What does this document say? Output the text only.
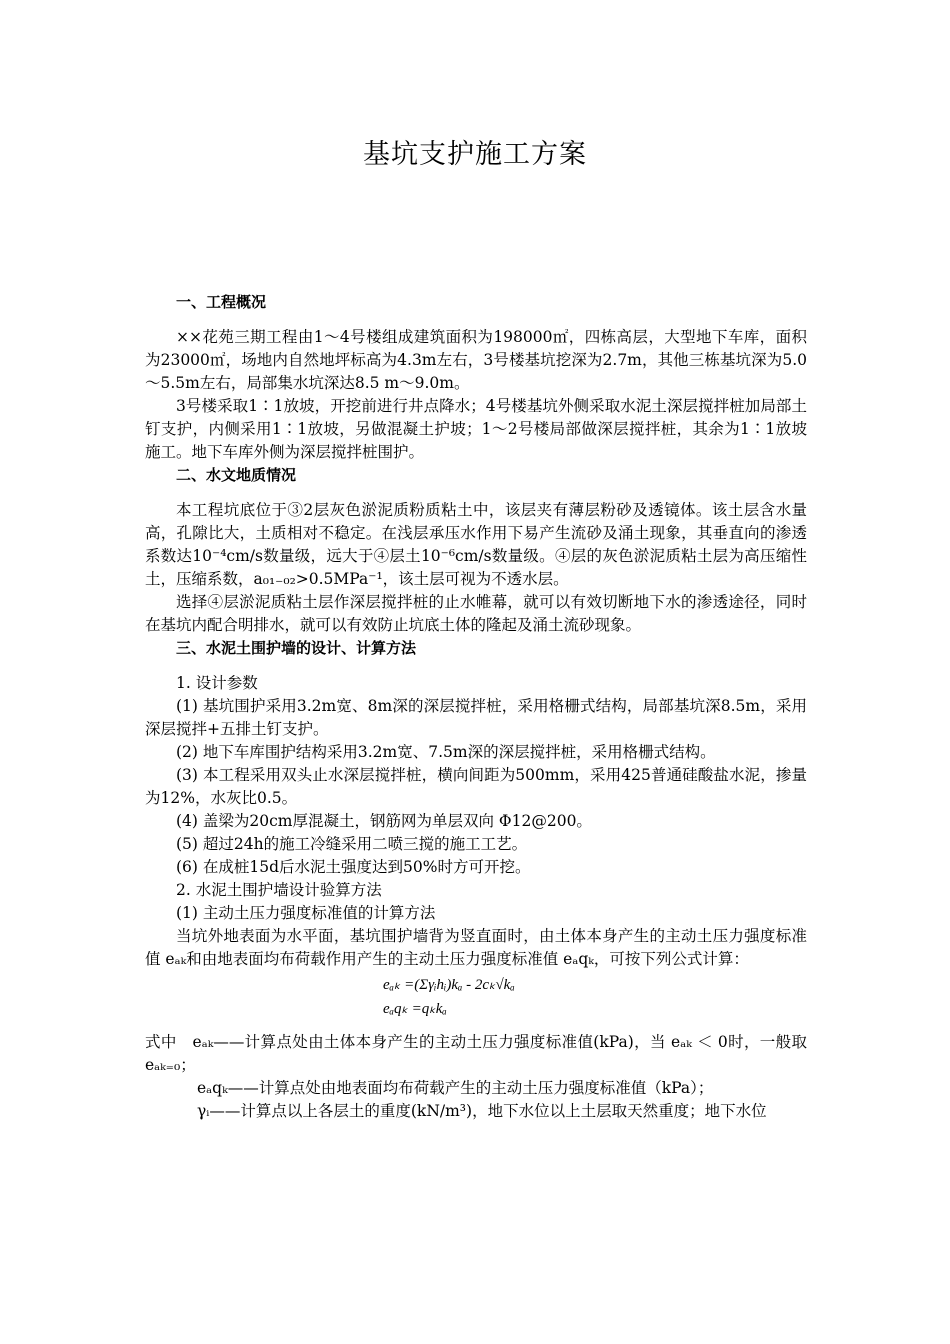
基坑支护施工方案
一、工程概况

××花苑三期工程由1～4号楼组成建筑面积为198000㎡，四栋高层，大型地下车库，面积为23000㎡，场地内自然地坪标高为4.3m左右，3号楼基坑挖深为2.7m，其他三栋基坑深为5.0～5.5m左右，局部集水坑深达8.5 m～9.0m。

3号楼采取1∶1放坡，开挖前进行井点降水；4号楼基坑外侧采取水泥土深层搅拌桩加局部土钉支护，内侧采用1∶1放坡，另做混凝土护坡；1～2号楼局部做深层搅拌桩，其余为1∶1放坡施工。地下车库外侧为深层搅拌桩围护。

二、水文地质情况

本工程坑底位于③2层灰色淤泥质粉质粘土中，该层夹有薄层粉砂及透镜体。该土层含水量高，孔隙比大，土质相对不稳定。在浅层承压水作用下易产生流砂及涌土现象，其垂直向的渗透系数达10⁻⁴cm/s数量级，远大于④层土10⁻⁶cm/s数量级。④层的灰色淤泥质粘土层为高压缩性土，压缩系数，a₀₁₋₀₂>0.5MPa⁻¹，该土层可视为不透水层。

选择④层淤泥质粘土层作深层搅拌桩的止水帷幕，就可以有效切断地下水的渗透途径，同时在基坑内配合明排水，就可以有效防止坑底土体的隆起及涌土流砂现象。

三、水泥土围护墙的设计、计算方法

1. 设计参数

(1) 基坑围护采用3.2m宽、8m深的深层搅拌桩，采用格栅式结构，局部基坑深8.5m，采用深层搅拌+五排土钉支护。

(2) 地下车库围护结构采用3.2m宽、7.5m深的深层搅拌桩，采用格栅式结构。

(3) 本工程采用双头止水深层搅拌桩，横向间距为500mm，采用425普通硅酸盐水泥，掺量为12%，水灰比0.5。

(4) 盖梁为20cm厚混凝土，钢筋网为单层双向 Φ12@200。

(5) 超过24h的施工冷缝采用二喷三搅的施工工艺。

(6) 在成桩15d后水泥土强度达到50%时方可开挖。

2. 水泥土围护墙设计验算方法

(1) 主动土压力强度标准值的计算方法

当坑外地表面为水平面，基坑围护墙背为竖直面时，由土体本身产生的主动土压力强度标准值 eₐₖ和由地表面均布荷载作用产生的主动土压力强度标准值 eₐqₖ，可按下列公式计算：

eₐₖ =(Σγᵢhᵢ)kₐ - 2cₖ√kₐ
eₐqₖ =qₖkₐ

式中　eₐₖ——计算点处由土体本身产生的主动土压力强度标准值(kPa)，当 eₐₖ ＜ 0时，一般取 eₐₖ₌₀；

eₐqₖ——计算点处由地表面均布荷载产生的主动土压力强度标准值（kPa）；

γᵢ——计算点以上各层土的重度(kN/m³)，地下水位以上土层取天然重度；地下水位
